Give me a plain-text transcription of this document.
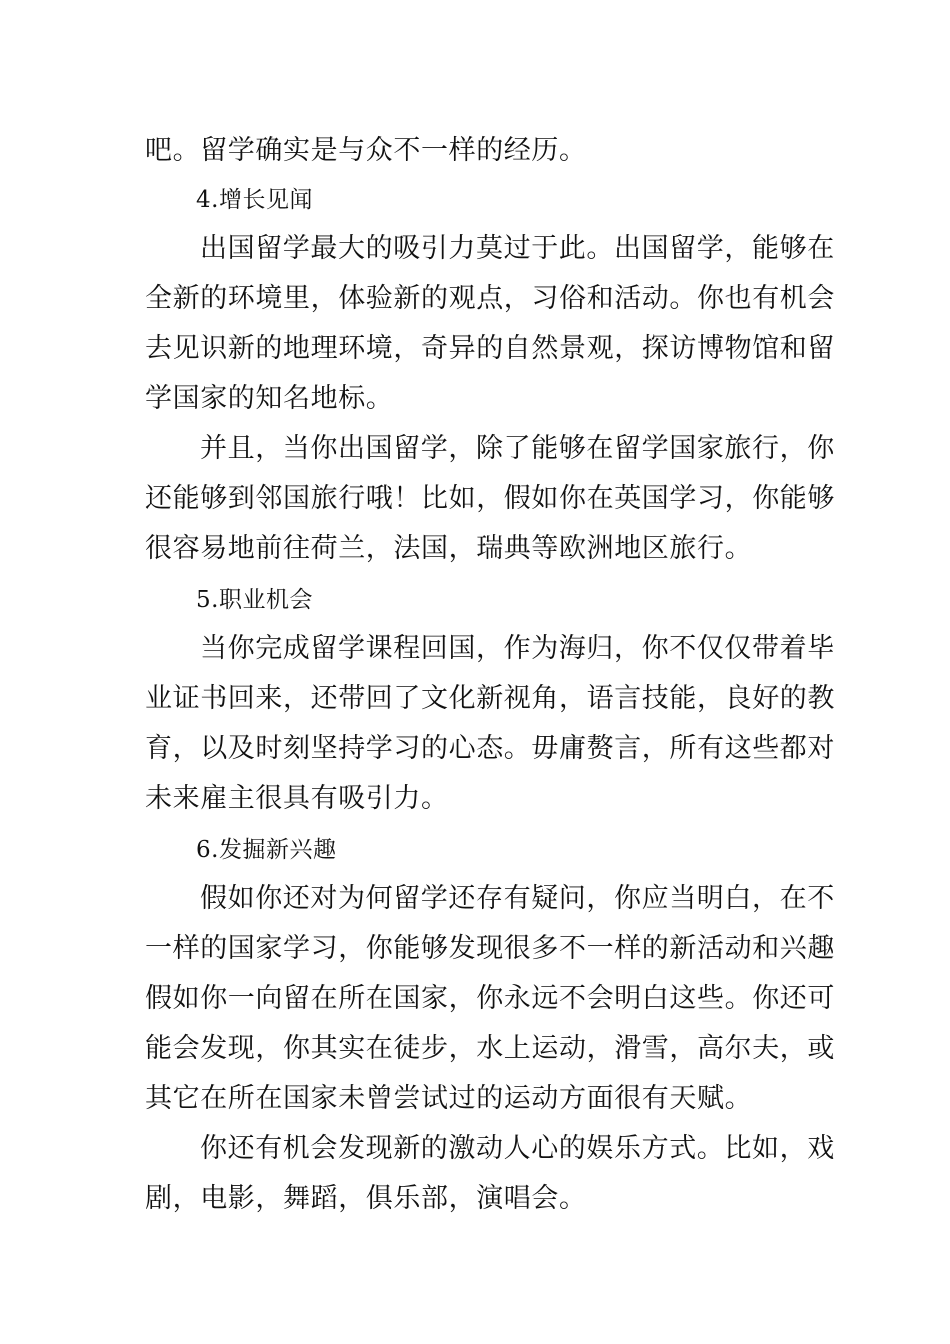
吧。留学确实是与众不一样的经历。
4.增长见闻
出国留学最大的吸引力莫过于此。出国留学，能够在
全新的环境里，体验新的观点，习俗和活动。你也有机会
去见识新的地理环境，奇异的自然景观，探访博物馆和留
学国家的知名地标。
并且，当你出国留学，除了能够在留学国家旅行，你
还能够到邻国旅行哦！比如，假如你在英国学习，你能够
很容易地前往荷兰，法国，瑞典等欧洲地区旅行。
5.职业机会
当你完成留学课程回国，作为海归，你不仅仅带着毕
业证书回来，还带回了文化新视角，语言技能，良好的教
育，以及时刻坚持学习的心态。毋庸赘言，所有这些都对
未来雇主很具有吸引力。
6.发掘新兴趣
假如你还对为何留学还存有疑问，你应当明白，在不
一样的国家学习，你能够发现很多不一样的新活动和兴趣
假如你一向留在所在国家，你永远不会明白这些。你还可
能会发现，你其实在徒步，水上运动，滑雪，高尔夫，或
其它在所在国家未曾尝试过的运动方面很有天赋。
你还有机会发现新的激动人心的娱乐方式。比如，戏
剧，电影，舞蹈，俱乐部，演唱会。
